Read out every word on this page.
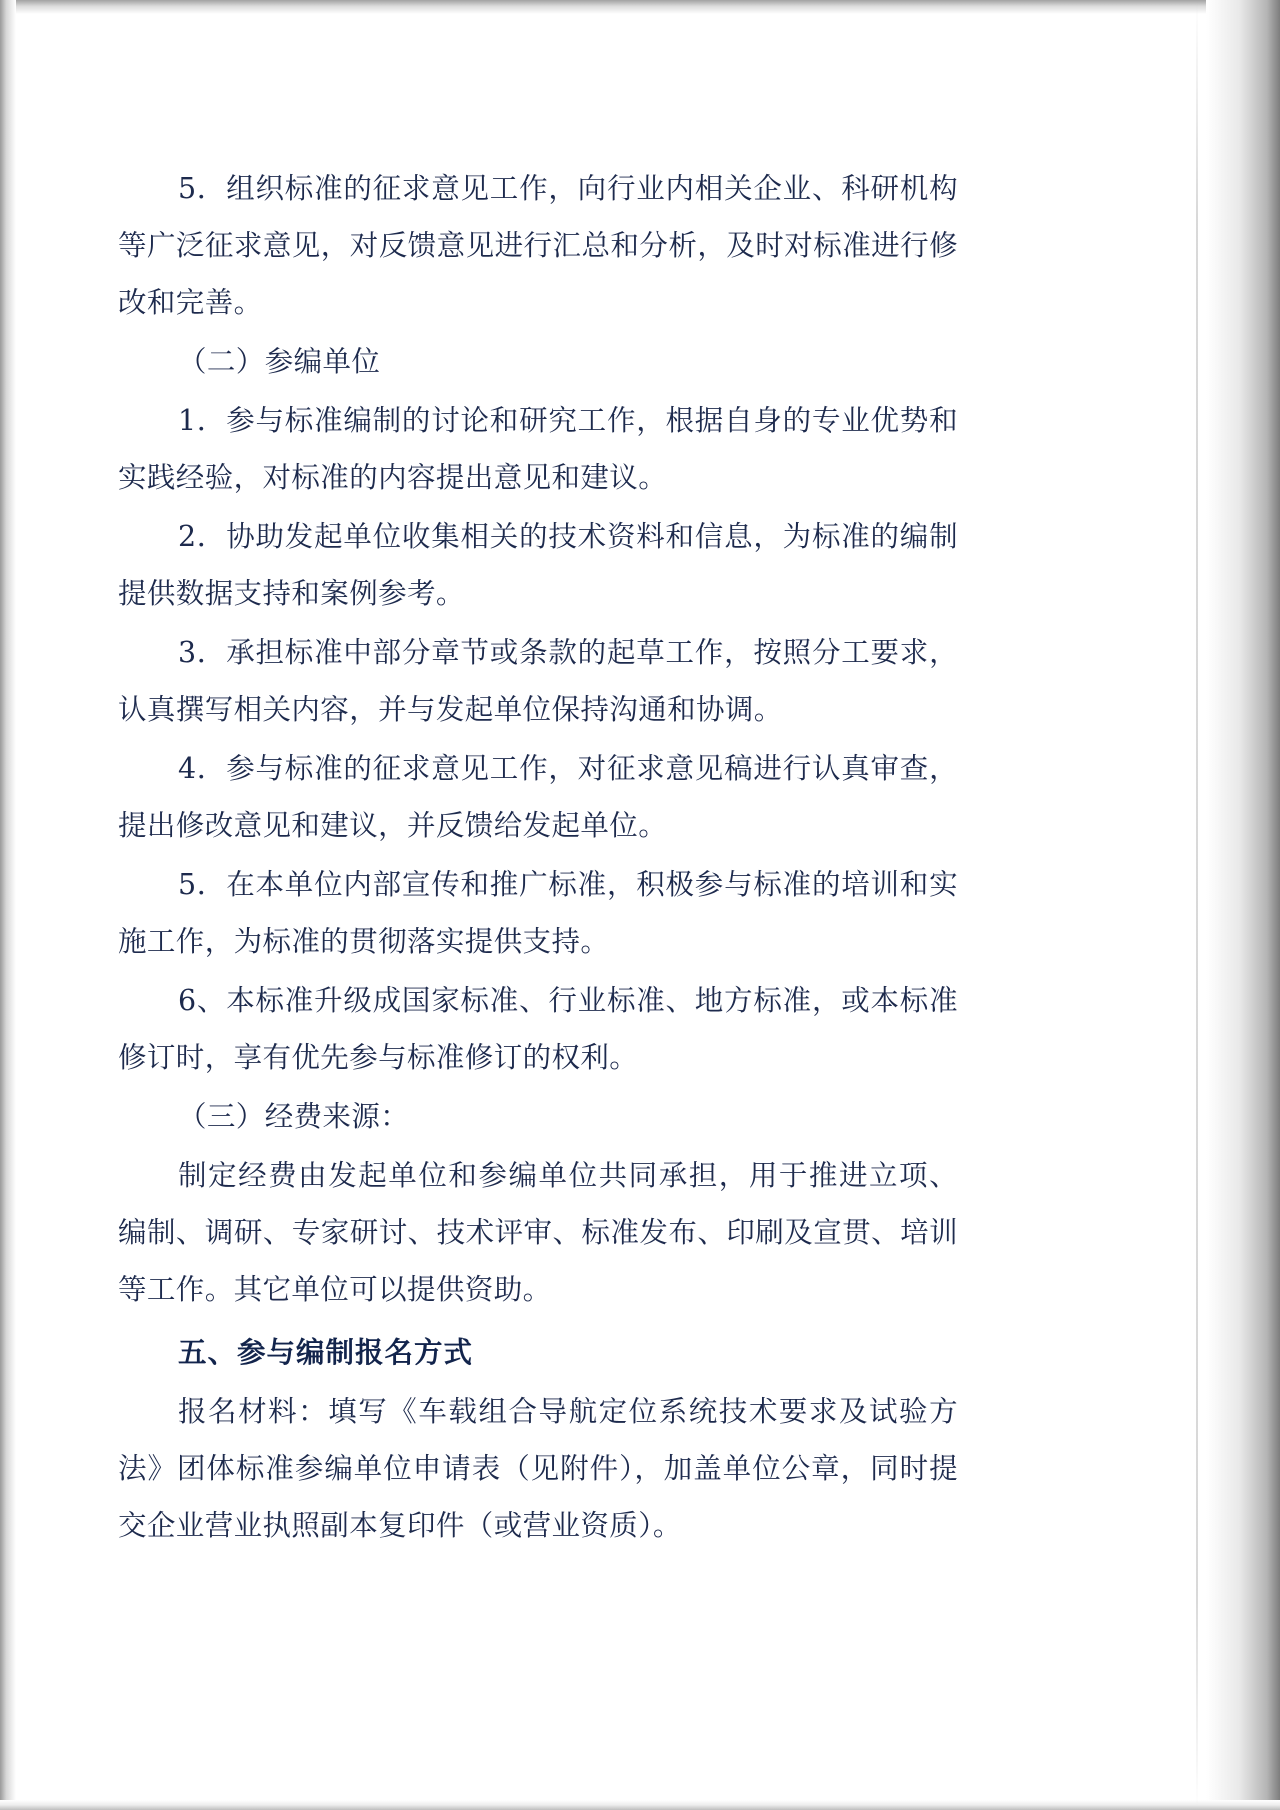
5．组织标准的征求意见工作，向行业内相关企业、科研机构等广泛征求意见，对反馈意见进行汇总和分析，及时对标准进行修改和完善。

（二）参编单位

1．参与标准编制的讨论和研究工作，根据自身的专业优势和实践经验，对标准的内容提出意见和建议。

2．协助发起单位收集相关的技术资料和信息，为标准的编制提供数据支持和案例参考。

3．承担标准中部分章节或条款的起草工作，按照分工要求，认真撰写相关内容，并与发起单位保持沟通和协调。

4．参与标准的征求意见工作，对征求意见稿进行认真审查，提出修改意见和建议，并反馈给发起单位。

5．在本单位内部宣传和推广标准，积极参与标准的培训和实施工作，为标准的贯彻落实提供支持。

6、本标准升级成国家标准、行业标准、地方标准，或本标准修订时，享有优先参与标准修订的权利。

（三）经费来源：

制定经费由发起单位和参编单位共同承担，用于推进立项、编制、调研、专家研讨、技术评审、标准发布、印刷及宣贯、培训等工作。其它单位可以提供资助。

五、参与编制报名方式

报名材料：填写《车载组合导航定位系统技术要求及试验方法》团体标准参编单位申请表（见附件），加盖单位公章，同时提交企业营业执照副本复印件（或营业资质）。
